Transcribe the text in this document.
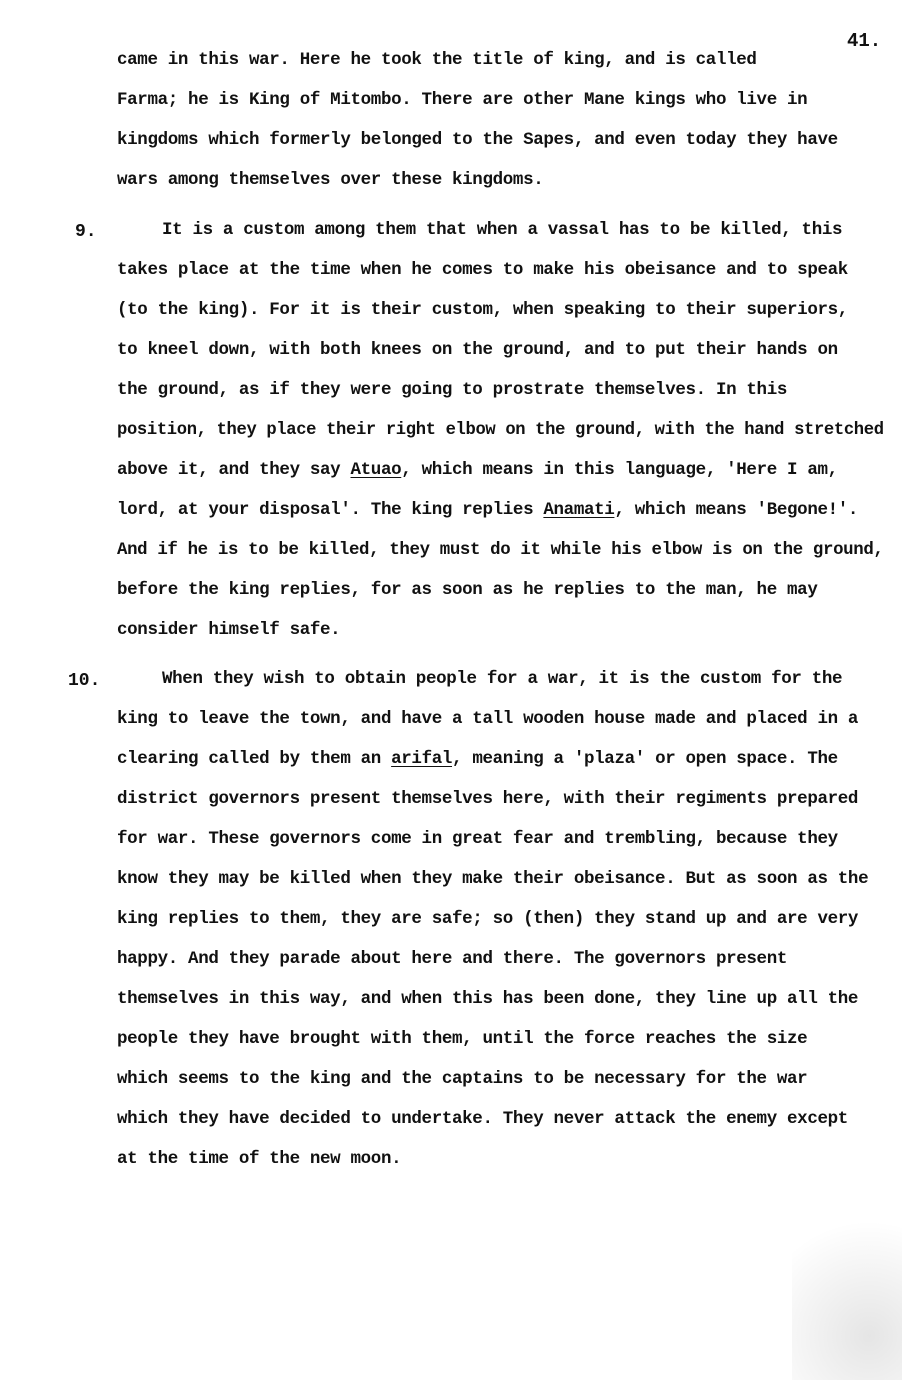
41.
came in this war. Here he took the title of king, and is called
Farma; he is King of Mitombo. There are other Mane kings who live in
kingdoms which formerly belonged to the Sapes, and even today they have
wars among themselves over these kingdoms.
9.	It is a custom among them that when a vassal has to be killed, this
takes place at the time when he comes to make his obeisance and to speak
(to the king). For it is their custom, when speaking to their superiors,
to kneel down, with both knees on the ground, and to put their hands on
the ground, as if they were going to prostrate themselves. In this
position, they place their right elbow on the ground, with the hand stretched
above it, and they say Atuao, which means in this language, 'Here I am,
lord, at your disposal'. The king replies Anamati, which means 'Begone!'.
And if he is to be killed, they must do it while his elbow is on the ground,
before the king replies, for as soon as he replies to the man, he may
consider himself safe.
10.	When they wish to obtain people for a war, it is the custom for the
king to leave the town, and have a tall wooden house made and placed in a
clearing called by them an arifal, meaning a 'plaza' or open space. The
district governors present themselves here, with their regiments prepared
for war. These governors come in great fear and trembling, because they
know they may be killed when they make their obeisance. But as soon as the
king replies to them, they are safe; so (then) they stand up and are very
happy. And they parade about here and there. The governors present
themselves in this way, and when this has been done, they line up all the
people they have brought with them, until the force reaches the size
which seems to the king and the captains to be necessary for the war
which they have decided to undertake. They never attack the enemy except
at the time of the new moon.
